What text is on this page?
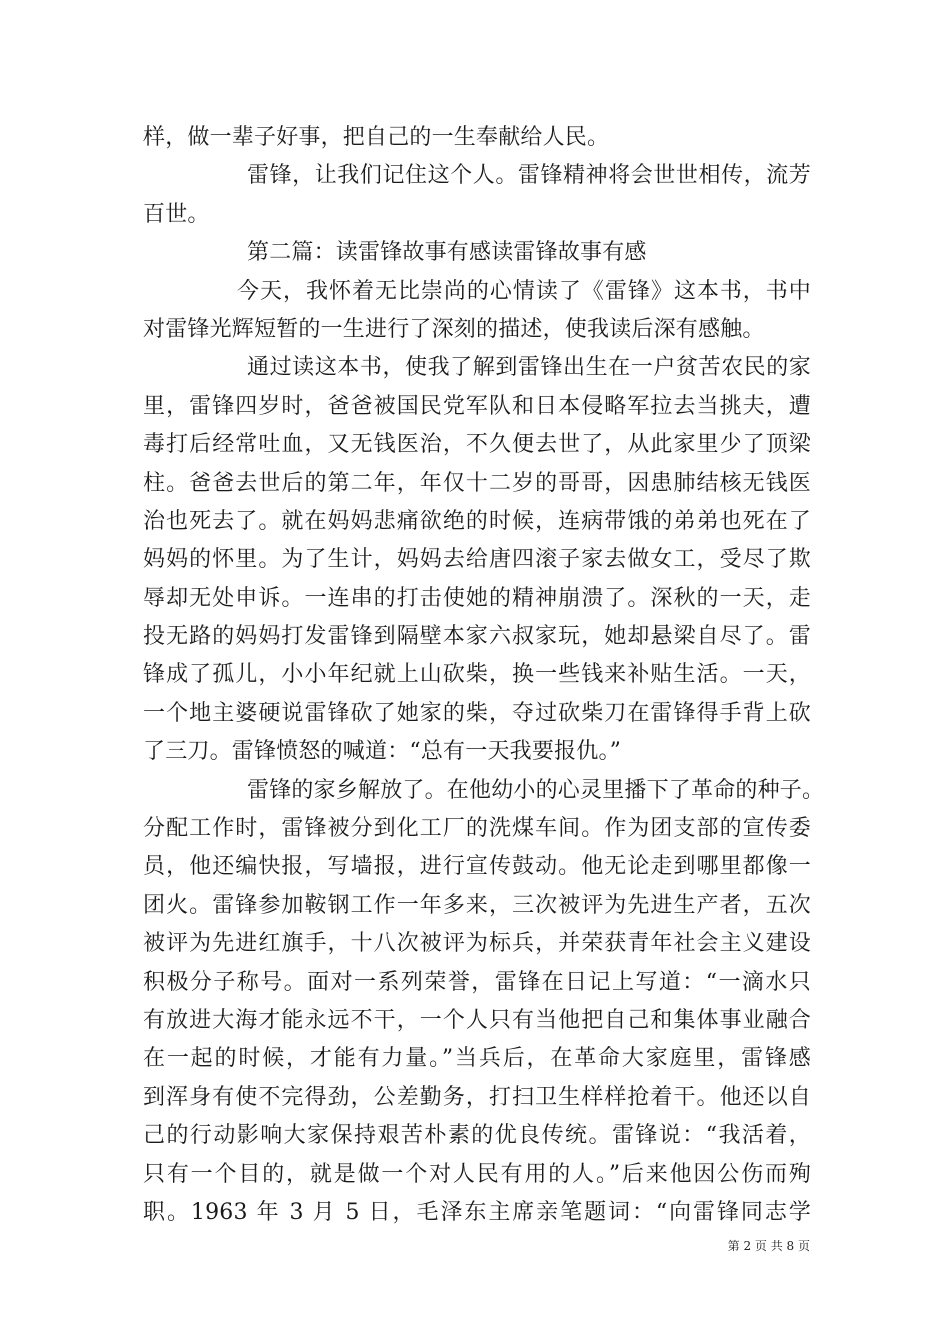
样，做一辈子好事，把自己的一生奉献给人民。
雷锋，让我们记住这个人。雷锋精神将会世世相传，流芳
百世。
第二篇：读雷锋故事有感读雷锋故事有感
今天，我怀着无比崇尚的心情读了《雷锋》这本书，书中
对雷锋光辉短暂的一生进行了深刻的描述，使我读后深有感触。
通过读这本书，使我了解到雷锋出生在一户贫苦农民的家
里，雷锋四岁时，爸爸被国民党军队和日本侵略军拉去当挑夫，遭
毒打后经常吐血，又无钱医治，不久便去世了，从此家里少了顶梁
柱。爸爸去世后的第二年，年仅十二岁的哥哥，因患肺结核无钱医
治也死去了。就在妈妈悲痛欲绝的时候，连病带饿的弟弟也死在了
妈妈的怀里。为了生计，妈妈去给唐四滚子家去做女工，受尽了欺
辱却无处申诉。一连串的打击使她的精神崩溃了。深秋的一天，走
投无路的妈妈打发雷锋到隔壁本家六叔家玩，她却悬梁自尽了。雷
锋成了孤儿，小小年纪就上山砍柴，换一些钱来补贴生活。一天，
一个地主婆硬说雷锋砍了她家的柴，夺过砍柴刀在雷锋得手背上砍
了三刀。雷锋愤怒的喊道：“总有一天我要报仇。”
雷锋的家乡解放了。在他幼小的心灵里播下了革命的种子。
分配工作时，雷锋被分到化工厂的洗煤车间。作为团支部的宣传委
员，他还编快报，写墙报，进行宣传鼓动。他无论走到哪里都像一
团火。雷锋参加鞍钢工作一年多来，三次被评为先进生产者，五次
被评为先进红旗手，十八次被评为标兵，并荣获青年社会主义建设
积极分子称号。面对一系列荣誉，雷锋在日记上写道：“一滴水只
有放进大海才能永远不干，一个人只有当他把自己和集体事业融合
在一起的时候，才能有力量。”当兵后，在革命大家庭里，雷锋感
到浑身有使不完得劲，公差勤务，打扫卫生样样抢着干。他还以自
己的行动影响大家保持艰苦朴素的优良传统。雷锋说：“我活着，
只有一个目的，就是做一个对人民有用的人。”后来他因公伤而殉
职。1963 年 3 月 5 日，毛泽东主席亲笔题词：“向雷锋同志学
第 2 页 共 8 页
